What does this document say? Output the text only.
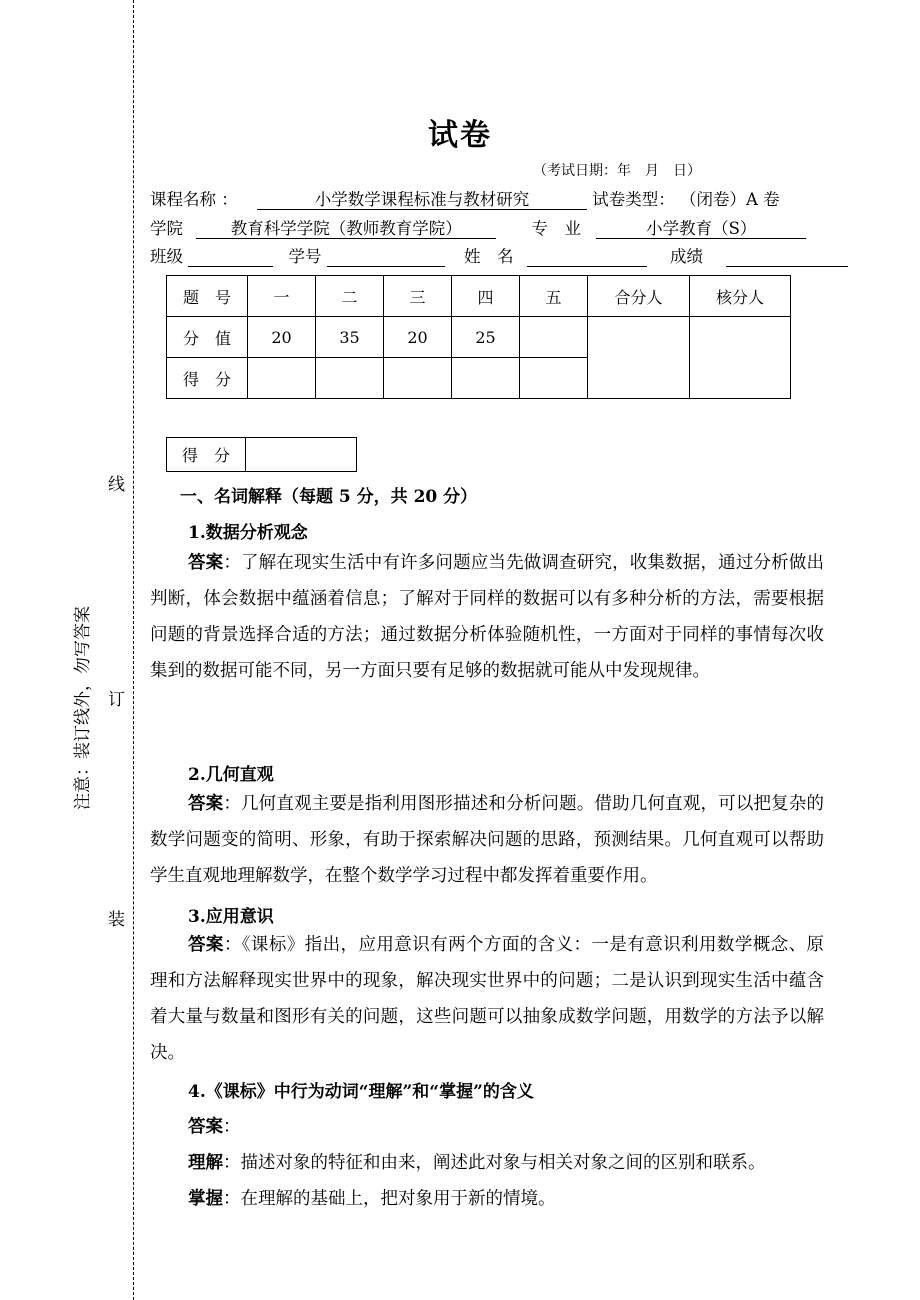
线
订
装
注意：装订线外，勿写答案
试卷
（考试日期：年　月　日）
课程名称 ：	小学数学课程标准与教材研究	试卷类型： （闭卷）A 卷
学院	教育科学学院（教师教育学院）	专　业	小学教育（S）
班级	学号	姓　名	成绩
题　号	一	二	三	四	五	合分人	核分人
分　值	20	35	20	25			
得　分							
得　分	
一、名词解释（每题 5 分，共 20 分）
1.数据分析观念
答案：了解在现实生活中有许多问题应当先做调查研究，收集数据，通过分析做出判断，体会数据中蕴涵着信息；了解对于同样的数据可以有多种分析的方法，需要根据问题的背景选择合适的方法；通过数据分析体验随机性，一方面对于同样的事情每次收集到的数据可能不同，另一方面只要有足够的数据就可能从中发现规律。
2.几何直观
答案：几何直观主要是指利用图形描述和分析问题。借助几何直观，可以把复杂的数学问题变的简明、形象，有助于探索解决问题的思路，预测结果。几何直观可以帮助学生直观地理解数学，在整个数学学习过程中都发挥着重要作用。
3.应用意识
答案：《课标》指出，应用意识有两个方面的含义：一是有意识利用数学概念、原理和方法解释现实世界中的现象，解决现实世界中的问题；二是认识到现实生活中蕴含着大量与数量和图形有关的问题，这些问题可以抽象成数学问题，用数学的方法予以解决。
4.《课标》中行为动词“理解”和“掌握”的含义
答案：
理解：描述对象的特征和由来，阐述此对象与相关对象之间的区别和联系。
掌握：在理解的基础上，把对象用于新的情境。
